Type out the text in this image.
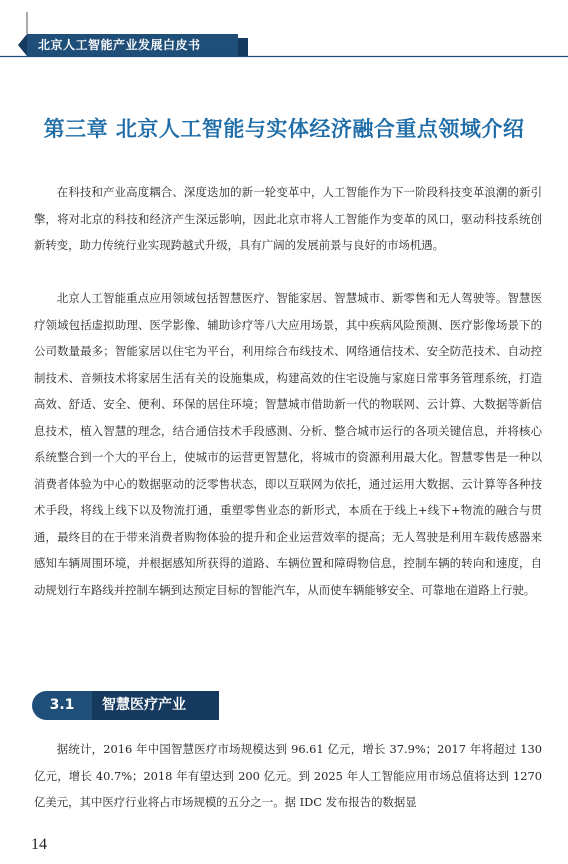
北京人工智能产业发展白皮书
第三章 北京人工智能与实体经济融合重点领域介绍

在科技和产业高度耦合、深度迭加的新一轮变革中，人工智能作为下一阶段科技变革浪潮的新引擎，将对北京的科技和经济产生深远影响，因此北京市将人工智能作为变革的风口，驱动科技系统创新转变，助力传统行业实现跨越式升级，具有广阔的发展前景与良好的市场机遇。

北京人工智能重点应用领域包括智慧医疗、智能家居、智慧城市、新零售和无人驾驶等。智慧医疗领域包括虚拟助理、医学影像、辅助诊疗等八大应用场景，其中疾病风险预测、医疗影像场景下的公司数量最多；智能家居以住宅为平台，利用综合布线技术、网络通信技术、安全防范技术、自动控制技术、音频技术将家居生活有关的设施集成，构建高效的住宅设施与家庭日常事务管理系统，打造高效、舒适、安全、便利、环保的居住环境；智慧城市借助新一代的物联网、云计算、大数据等新信息技术，植入智慧的理念，结合通信技术手段感测、分析、整合城市运行的各项关键信息，并将核心系统整合到一个大的平台上，使城市的运营更智慧化，将城市的资源利用最大化。智慧零售是一种以消费者体验为中心的数据驱动的泛零售状态，即以互联网为依托，通过运用大数据、云计算等各种技术手段，将线上线下以及物流打通，重塑零售业态的新形式，本质在于线上+线下+物流的融合与贯通，最终目的在于带来消费者购物体验的提升和企业运营效率的提高；无人驾驶是利用车载传感器来感知车辆周围环境，并根据感知所获得的道路、车辆位置和障碍物信息，控制车辆的转向和速度，自动规划行车路线并控制车辆到达预定目标的智能汽车，从而使车辆能够安全、可靠地在道路上行驶。

3.1	智慧医疗产业

据统计，2016 年中国智慧医疗市场规模达到 96.61 亿元，增长 37.9%；2017 年将超过 130 亿元，增长 40.7%；2018 年有望达到 200 亿元。到 2025 年人工智能应用市场总值将达到 1270 亿美元，其中医疗行业将占市场规模的五分之一。据 IDC 发布报告的数据显

14
